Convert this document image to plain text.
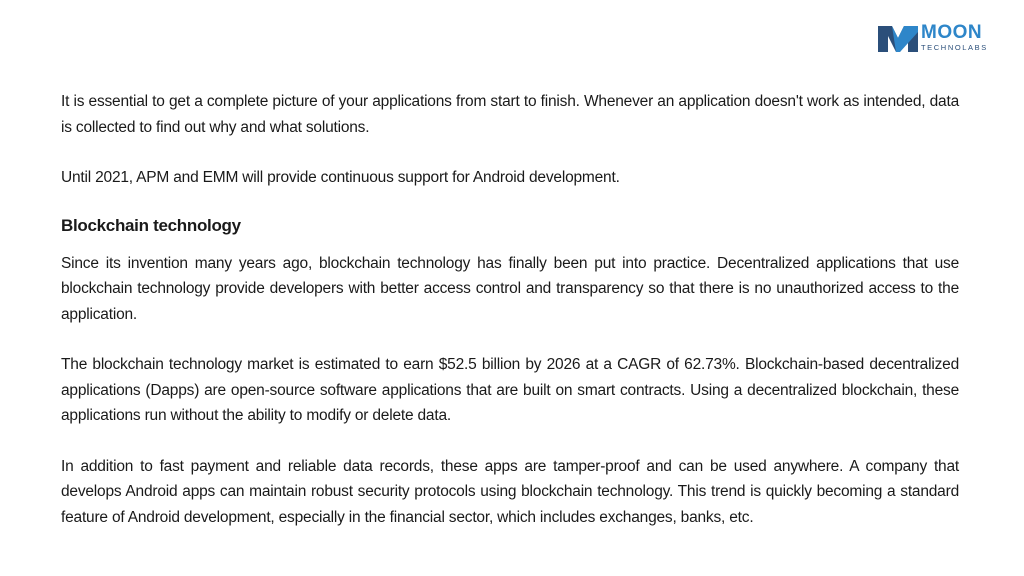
MOON
TECHNOLABS

It is essential to get a complete picture of your applications from start to finish. Whenever an application doesn't work as intended, data is collected to find out why and what solutions.

Until 2021, APM and EMM will provide continuous support for Android development.

Blockchain technology

Since its invention many years ago, blockchain technology has finally been put into practice. Decentralized applications that use blockchain technology provide developers with better access control and transparency so that there is no unauthorized access to the application.

The blockchain technology market is estimated to earn $52.5 billion by 2026 at a CAGR of 62.73%. Blockchain-based decentralized applications (Dapps) are open-source software applications that are built on smart contracts. Using a decentralized blockchain, these applications run without the ability to modify or delete data.

In addition to fast payment and reliable data records, these apps are tamper-proof and can be used anywhere. A company that develops Android apps can maintain robust security protocols using blockchain technology. This trend is quickly becoming a standard feature of Android development, especially in the financial sector, which includes exchanges, banks, etc.
